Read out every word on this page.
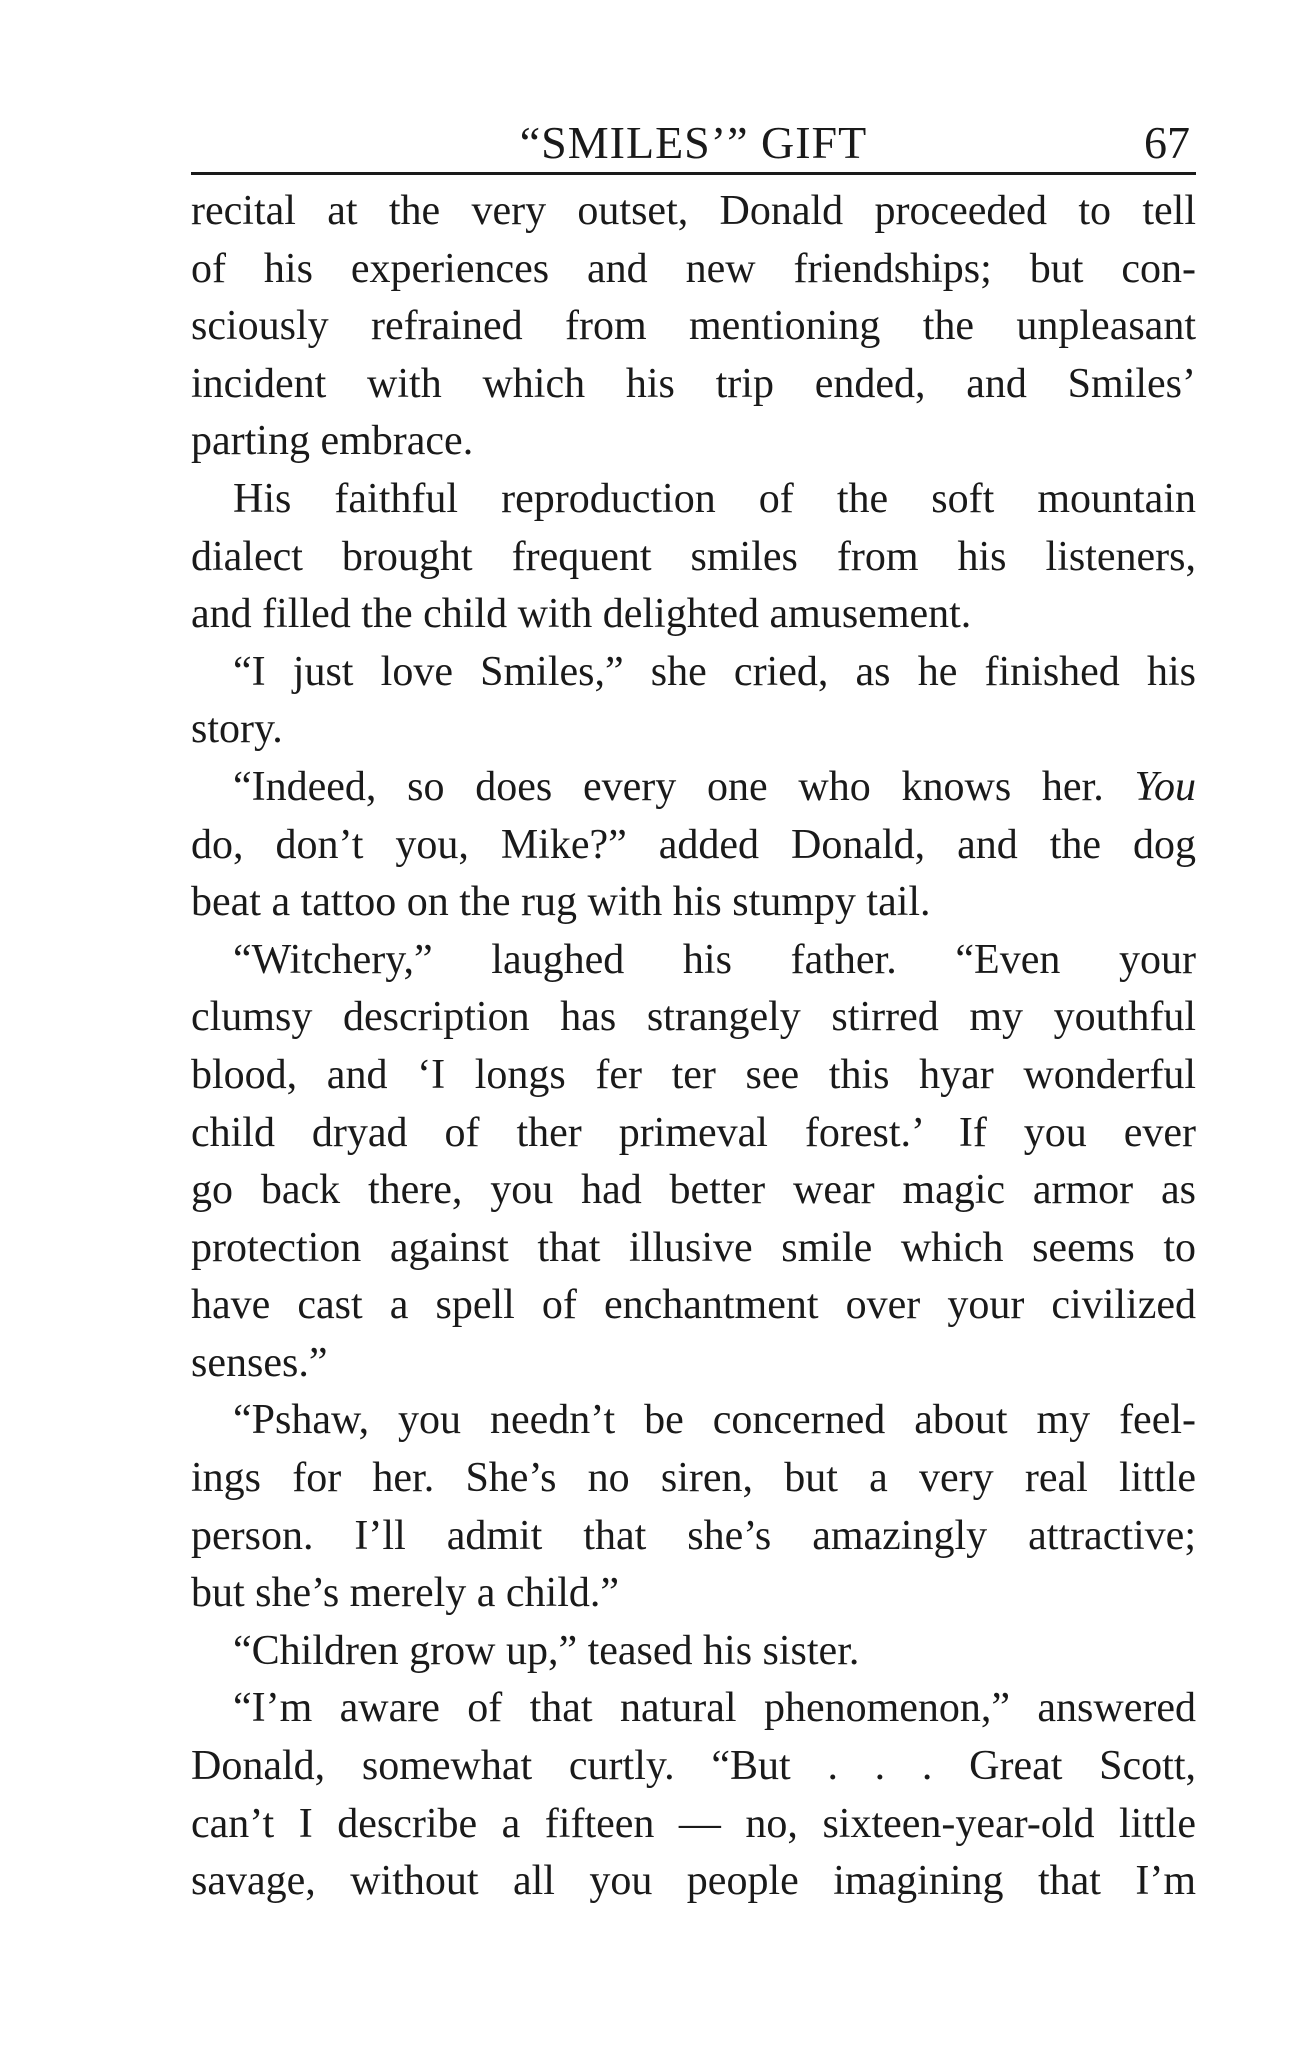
“SMILES’” GIFT	67
recital at the very outset, Donald proceeded to tell
of his experiences and new friendships; but con-
sciously refrained from mentioning the unpleasant
incident with which his trip ended, and Smiles’
parting embrace.
His faithful reproduction of the soft mountain
dialect brought frequent smiles from his listeners,
and filled the child with delighted amusement.
“I just love Smiles,” she cried, as he finished his
story.
“Indeed, so does every one who knows her. You
do, don’t you, Mike?” added Donald, and the dog
beat a tattoo on the rug with his stumpy tail.
“Witchery,” laughed his father. “Even your
clumsy description has strangely stirred my youthful
blood, and ‘I longs fer ter see this hyar wonderful
child dryad of ther primeval forest.’ If you ever
go back there, you had better wear magic armor as
protection against that illusive smile which seems to
have cast a spell of enchantment over your civilized
senses.”
“Pshaw, you needn’t be concerned about my feel-
ings for her. She’s no siren, but a very real little
person. I’ll admit that she’s amazingly attractive;
but she’s merely a child.”
“Children grow up,” teased his sister.
“I’m aware of that natural phenomenon,” answered
Donald, somewhat curtly. “But . . . Great Scott,
can’t I describe a fifteen — no, sixteen-year-old little
savage, without all you people imagining that I’m
